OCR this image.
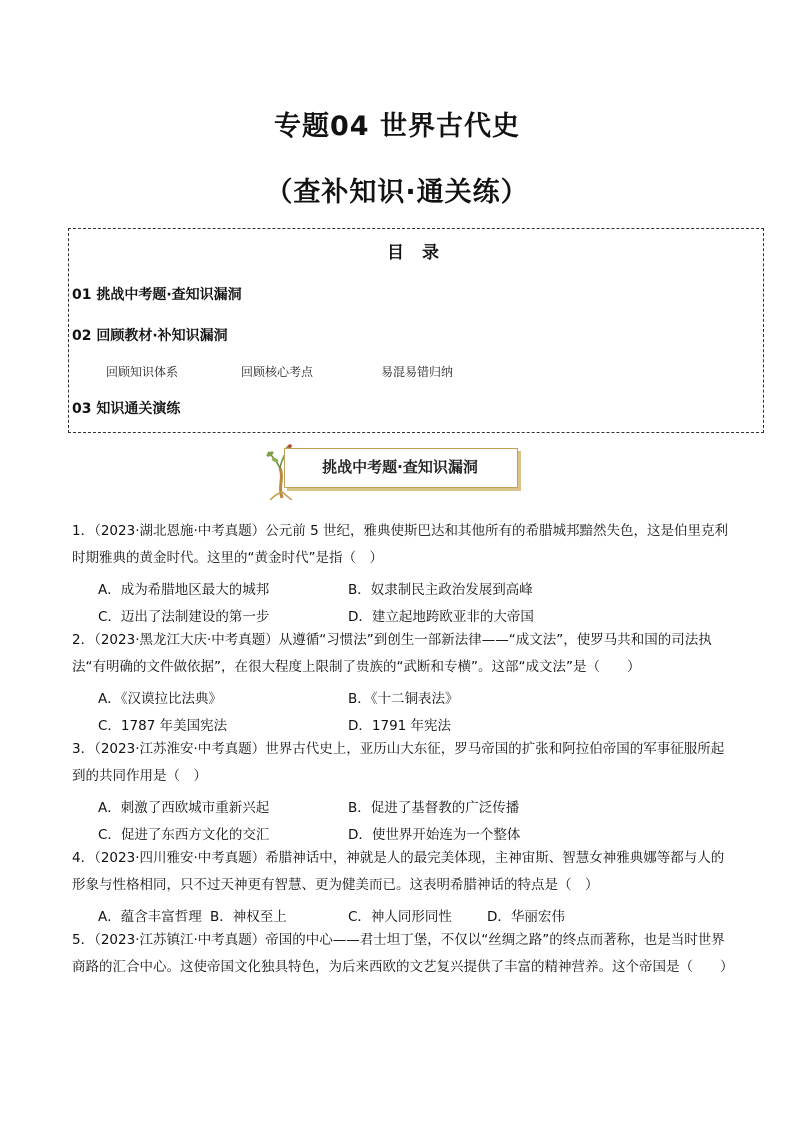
专题04 世界古代史
（查补知识·通关练）
目 录
01 挑战中考题·查知识漏洞
02 回顾教材·补知识漏洞
回顾知识体系	回顾核心考点	易混易错归纳
03 知识通关演练
挑战中考题·查知识漏洞
1．（2023·湖北恩施·中考真题）公元前 5 世纪，雅典使斯巴达和其他所有的希腊城邦黯然失色，这是伯里克利时期雅典的黄金时代。这里的“黄金时代”是指（　）
A．成为希腊地区最大的城邦	B．奴隶制民主政治发展到高峰
C．迈出了法制建设的第一步	D．建立起地跨欧亚非的大帝国
2．（2023·黑龙江大庆·中考真题）从遵循“习惯法”到创生一部新法律——“成文法”，使罗马共和国的司法执法“有明确的文件做依据”，在很大程度上限制了贵族的“武断和专横”。这部“成文法”是（　　）
A．《汉谟拉比法典》	B．《十二铜表法》
C．1787 年美国宪法	D．1791 年宪法
3．（2023·江苏淮安·中考真题）世界古代史上，亚历山大东征，罗马帝国的扩张和阿拉伯帝国的军事征服所起到的共同作用是（　）
A．刺激了西欧城市重新兴起	B．促进了基督教的广泛传播
C．促进了东西方文化的交汇	D．使世界开始连为一个整体
4．（2023·四川雅安·中考真题）希腊神话中，神就是人的最完美体现，主神宙斯、智慧女神雅典娜等都与人的形象与性格相同，只不过天神更有智慧、更为健美而已。这表明希腊神话的特点是（　）
A．蕴含丰富哲理 B．神权至上	C．神人同形同性	D．华丽宏伟
5．（2023·江苏镇江·中考真题）帝国的中心——君士坦丁堡，不仅以“丝绸之路”的终点而著称，也是当时世界商路的汇合中心。这使帝国文化独具特色，为后来西欧的文艺复兴提供了丰富的精神营养。这个帝国是（　　）
